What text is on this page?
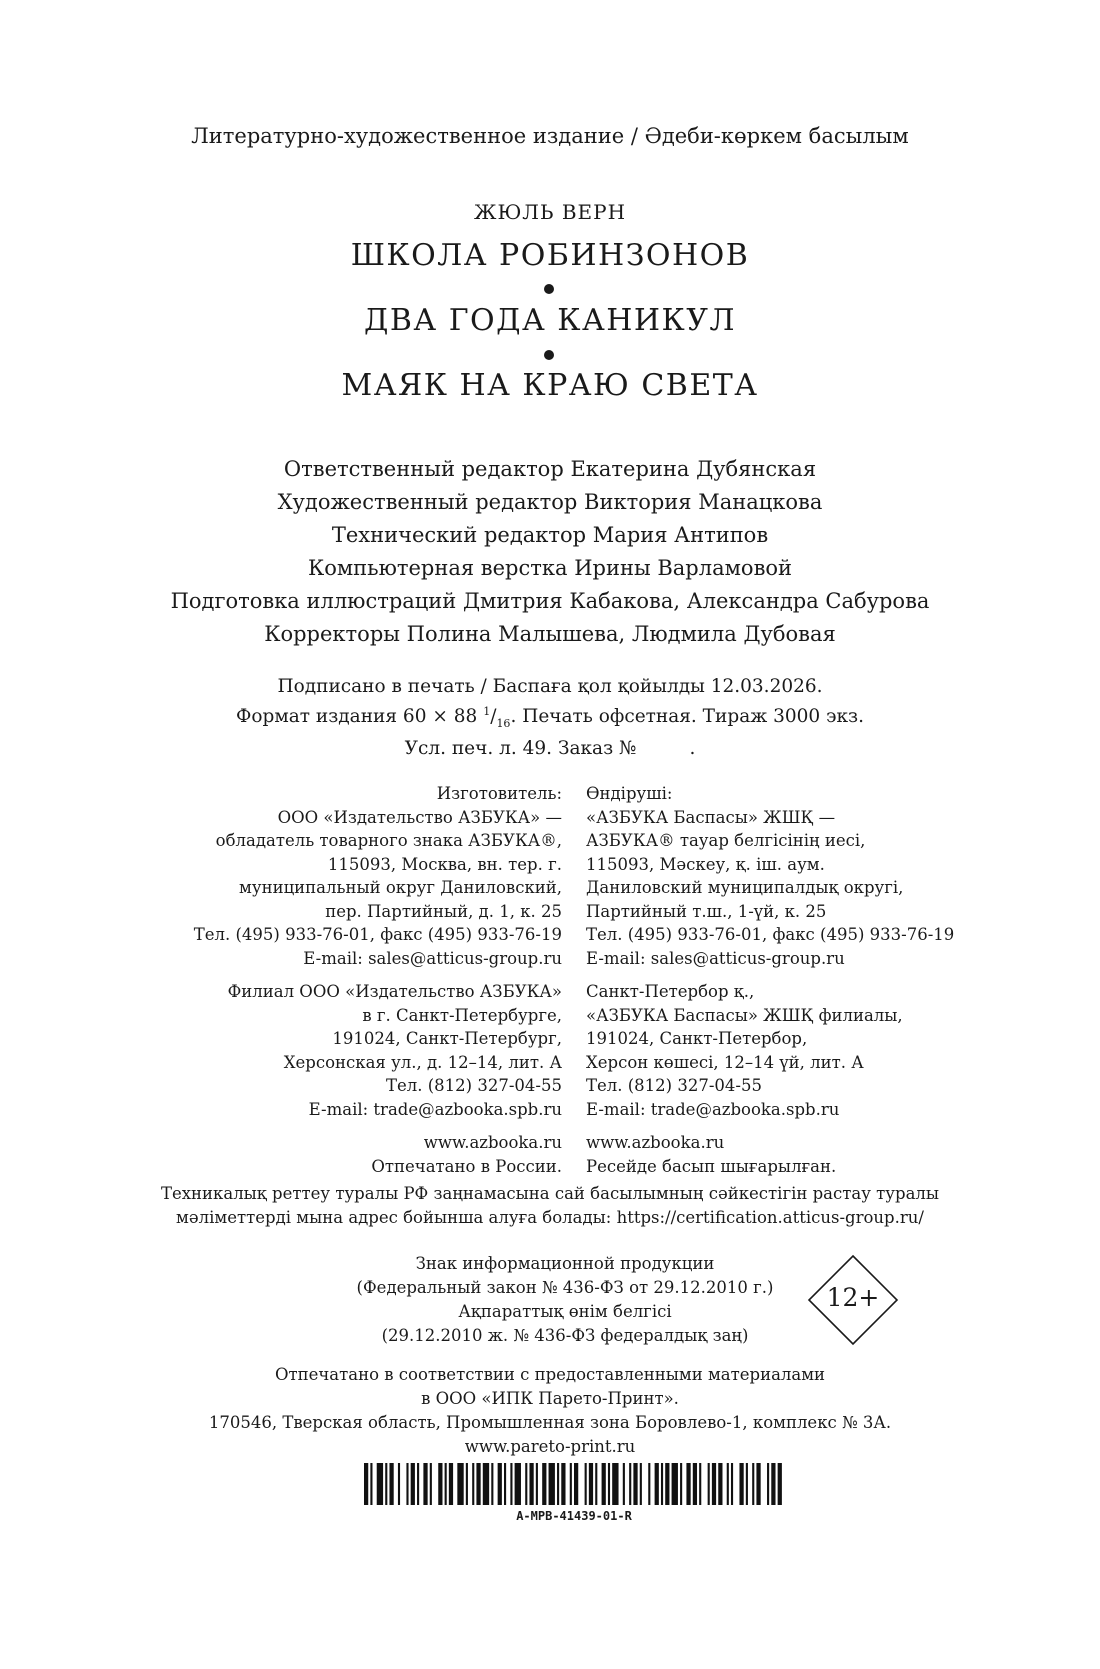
Литературно-художественное издание / Әдеби-көркем басылым
ЖЮЛЬ ВЕРН
ШКОЛА РОБИНЗОНОВ
ДВА ГОДА КАНИКУЛ
МАЯК НА КРАЮ СВЕТА
Ответственный редактор Екатерина Дубянская
Художественный редактор Виктория Манацкова
Технический редактор Мария Антипов
Компьютерная верстка Ирины Варламовой
Подготовка иллюстраций Дмитрия Кабакова, Александра Сабурова
Корректоры Полина Малышева, Людмила Дубовая
Подписано в печать / Баспаға қол қойылды 12.03.2026.
Формат издания 60 × 88 $^1/_{16}$. Печать офсетная. Тираж 3000 экз.
Усл. печ. л. 49. Заказ №         .
Изготовитель:
ООО «Издательство АЗБУКА» —
обладатель товарного знака АЗБУКА®,
115093, Москва, вн. тер. г.
муниципальный округ Даниловский,
пер. Партийный, д. 1, к. 25
Тел. (495) 933-76-01, факс (495) 933-76-19
E-mail: sales@atticus-group.ru
Филиал ООО «Издательство АЗБУКА»
в г. Санкт-Петербурге,
191024, Санкт-Петербург,
Херсонская ул., д. 12–14, лит. А
Тел. (812) 327-04-55
E-mail: trade@azbooka.spb.ru
www.azbooka.ru
Отпечатано в России.
Өндіруші:
«АЗБУКА Баспасы» ЖШҚ —
АЗБУКА® тауар белгісінің иесі,
115093, Мәскеу, қ. іш. аум.
Даниловский муниципалдық округі,
Партийный т.ш., 1-үй, к. 25
Тел. (495) 933-76-01, факс (495) 933-76-19
E-mail: sales@atticus-group.ru
Санкт-Петербор қ.,
«АЗБУКА Баспасы» ЖШҚ филиалы,
191024, Санкт-Петербор,
Херсон көшесі, 12–14 үй, лит. А
Тел. (812) 327-04-55
E-mail: trade@azbooka.spb.ru
www.azbooka.ru
Ресейде басып шығарылған.
Техникалық реттеу туралы РФ заңнамасына сай басылымның сәйкестігін растау туралы
мәліметтерді мына адрес бойынша алуға болады: https://certification.atticus-group.ru/
Знак информационной продукции
(Федеральный закон № 436-ФЗ от 29.12.2010 г.)
Ақпараттық өнім белгісі
(29.12.2010 ж. № 436-ФЗ федералдық заң)
12+
Отпечатано в соответствии с предоставленными материалами
в ООО «ИПК Парето-Принт».
170546, Тверская область, Промышленная зона Боровлево-1, комплекс № 3А.
www.pareto-print.ru
A-MPB-41439-01-R
